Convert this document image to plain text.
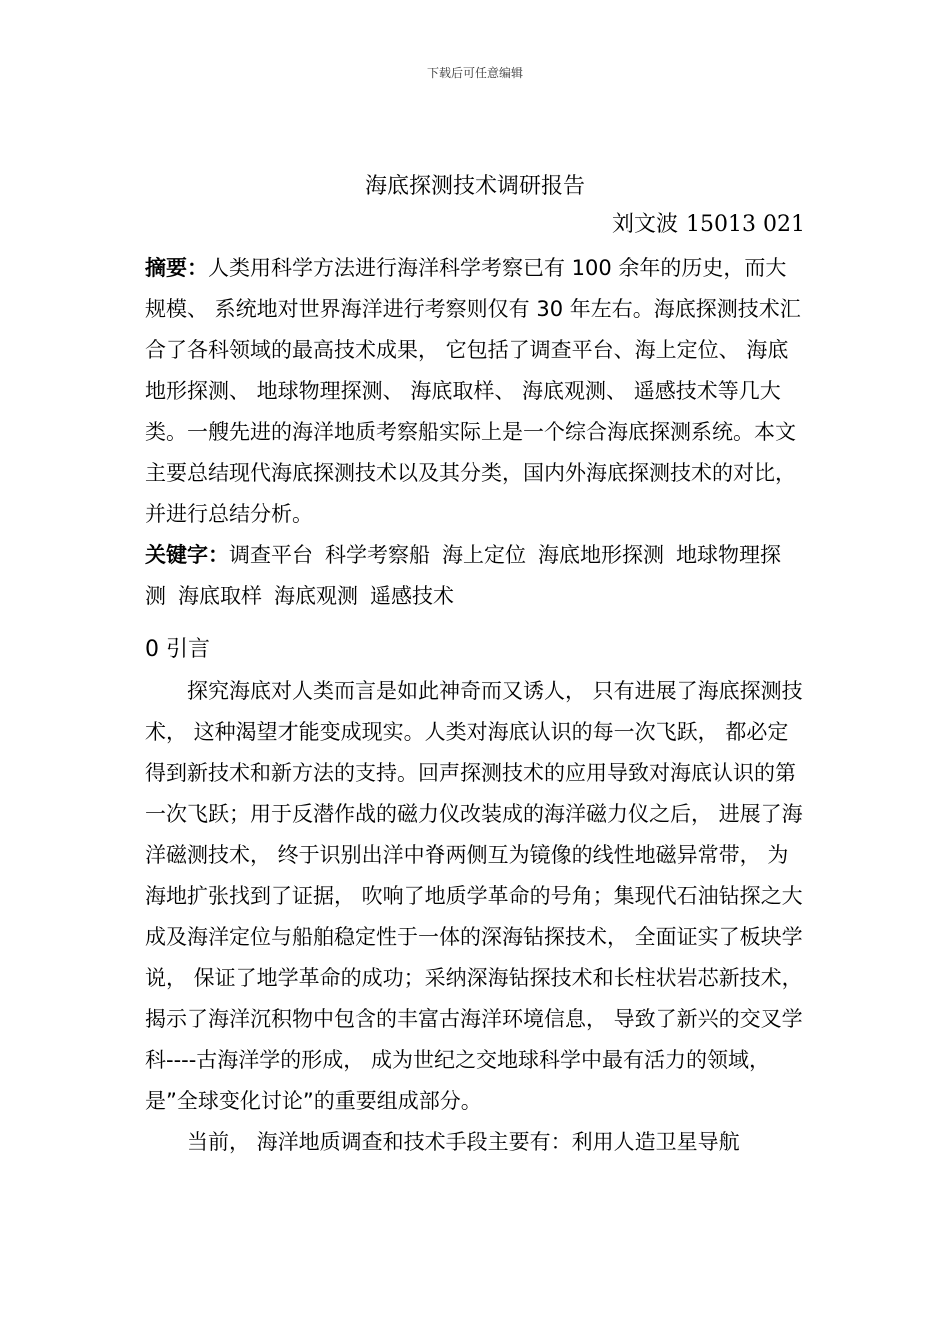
下载后可任意编辑
海底探测技术调研报告
刘文波 15013 021

摘要：人类用科学方法进行海洋科学考察已有 100 余年的历史，而大规模、 系统地对世界海洋进行考察则仅有 30 年左右。海底探测技术汇合了各科领域的最高技术成果， 它包括了调查平台、海上定位、 海底地形探测、 地球物理探测、 海底取样、 海底观测、 遥感技术等几大类。一艘先进的海洋地质考察船实际上是一个综合海底探测系统。本文主要总结现代海底探测技术以及其分类，国内外海底探测技术的对比， 并进行总结分析。

关键字：调查平台 科学考察船 海上定位 海底地形探测 地球物理探测 海底取样 海底观测 遥感技术

0 引言

探究海底对人类而言是如此神奇而又诱人， 只有进展了海底探测技术， 这种渴望才能变成现实。人类对海底认识的每一次飞跃， 都必定得到新技术和新方法的支持。回声探测技术的应用导致对海底认识的第一次飞跃；用于反潜作战的磁力仪改装成的海洋磁力仪之后， 进展了海洋磁测技术， 终于识别出洋中脊两侧互为镜像的线性地磁异常带， 为海地扩张找到了证据， 吹响了地质学革命的号角；集现代石油钻探之大成及海洋定位与船舶稳定性于一体的深海钻探技术， 全面证实了板块学说， 保证了地学革命的成功；采纳深海钻探技术和长柱状岩芯新技术， 揭示了海洋沉积物中包含的丰富古海洋环境信息， 导致了新兴的交叉学科----古海洋学的形成， 成为世纪之交地球科学中最有活力的领域，是”全球变化讨论”的重要组成部分。

当前， 海洋地质调查和技术手段主要有：利用人造卫星导航
